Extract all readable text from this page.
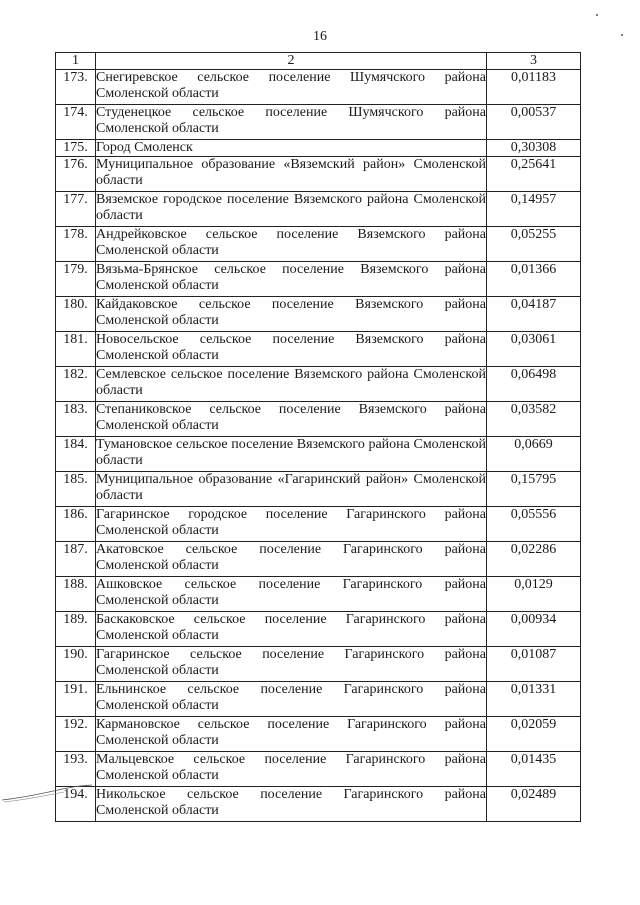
16
1	2	3
173.	Снегиревское сельское поселение Шумячского района Смоленской области	0,01183
174.	Студенецкое сельское поселение Шумячского района Смоленской области	0,00537
175.	Город Смоленск	0,30308
176.	Муниципальное образование «Вяземский район» Смоленской области	0,25641
177.	Вяземское городское поселение Вяземского района Смоленской области	0,14957
178.	Андрейковское сельское поселение Вяземского района Смоленской области	0,05255
179.	Вязьма-Брянское сельское поселение Вяземского района Смоленской области	0,01366
180.	Кайдаковское сельское поселение Вяземского района Смоленской области	0,04187
181.	Новосельское сельское поселение Вяземского района Смоленской области	0,03061
182.	Семлевское сельское поселение Вяземского района Смоленской области	0,06498
183.	Степаниковское сельское поселение Вяземского района Смоленской области	0,03582
184.	Тумановское сельское поселение Вяземского района Смоленской области	0,0669
185.	Муниципальное образование «Гагаринский район» Смоленской области	0,15795
186.	Гагаринское городское поселение Гагаринского района Смоленской области	0,05556
187.	Акатовское сельское поселение Гагаринского района Смоленской области	0,02286
188.	Ашковское сельское поселение Гагаринского района Смоленской области	0,0129
189.	Баскаковское сельское поселение Гагаринского района Смоленской области	0,00934
190.	Гагаринское сельское поселение Гагаринского района Смоленской области	0,01087
191.	Ельнинское сельское поселение Гагаринского района Смоленской области	0,01331
192.	Кармановское сельское поселение Гагаринского района Смоленской области	0,02059
193.	Мальцевское сельское поселение Гагаринского района Смоленской области	0,01435
194.	Никольское сельское поселение Гагаринского района Смоленской области	0,02489
